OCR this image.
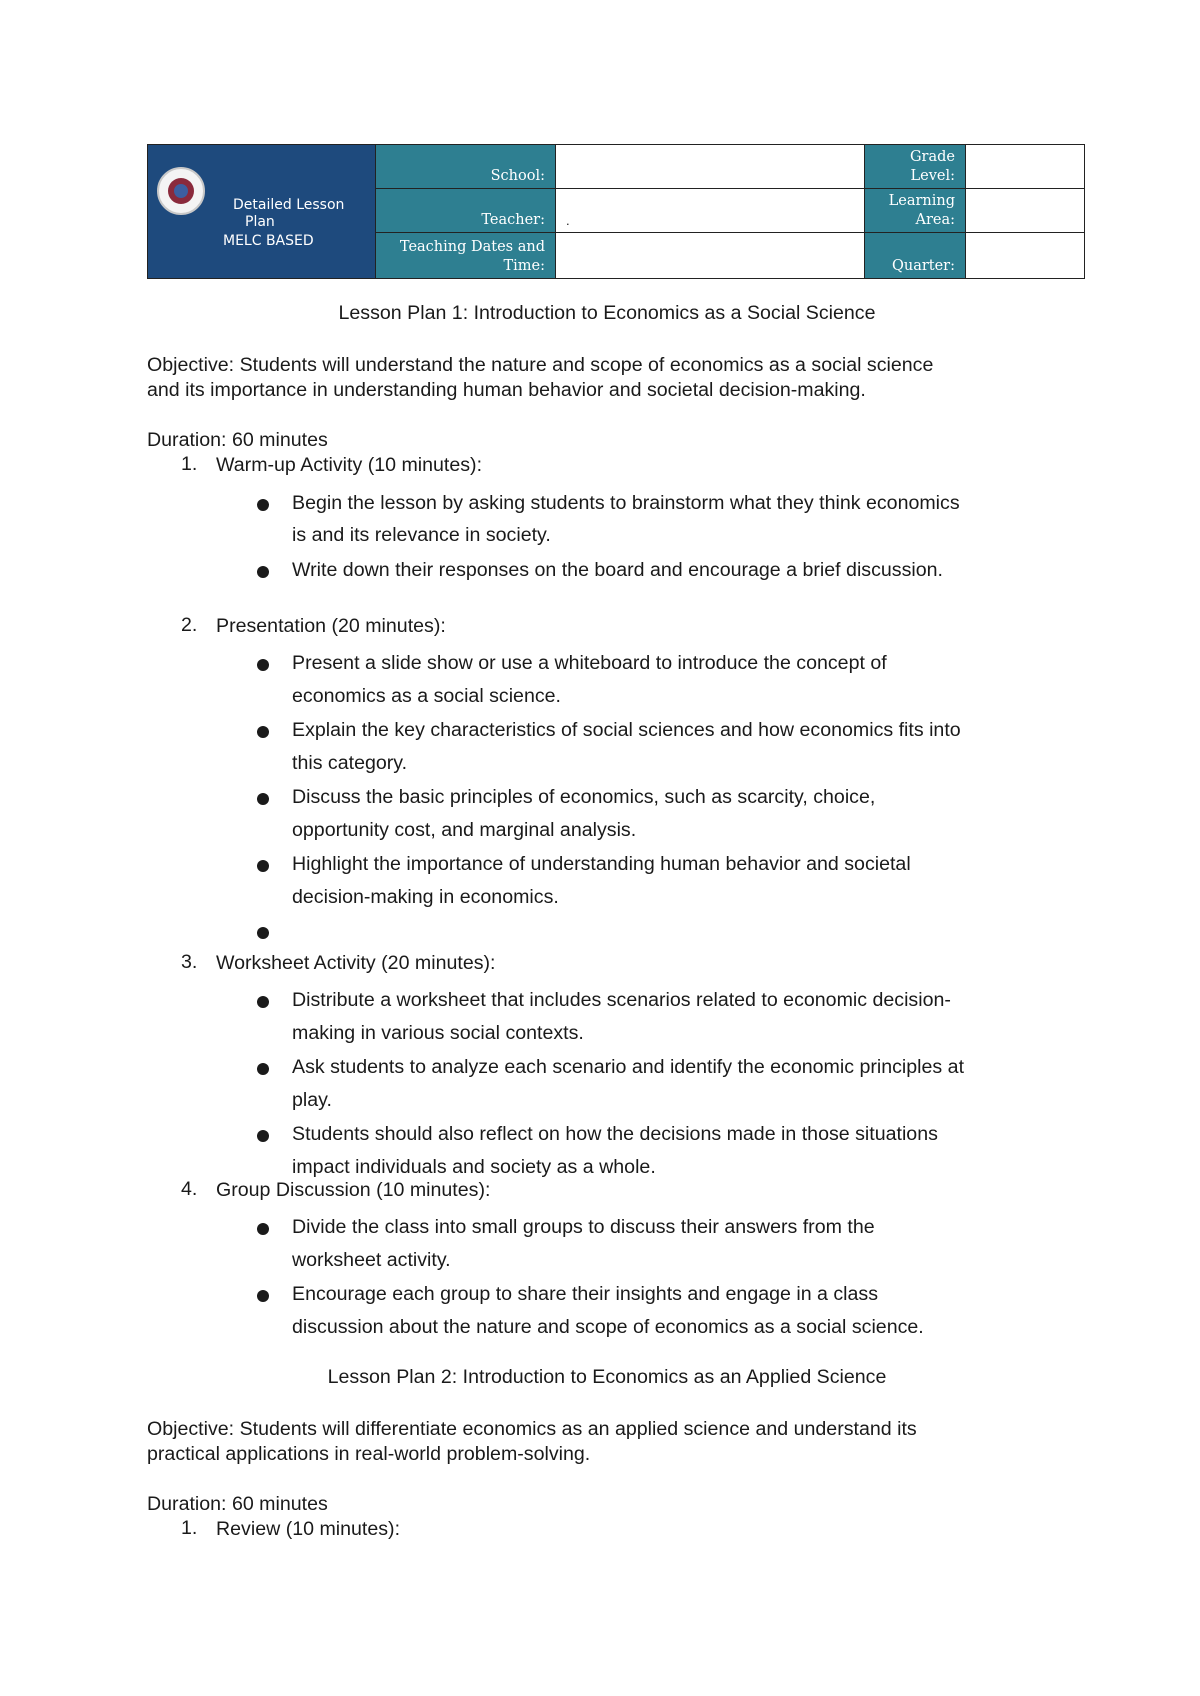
Detailed Lesson
Plan
MELC BASED
School:
Grade
Level:
Teacher: .
Learning
Area:
Teaching Dates and
Time:	Quarter:
Lesson Plan 1: Introduction to Economics as a Social Science
Objective: Students will understand the nature and scope of economics as a social science
and its importance in understanding human behavior and societal decision-making.
Duration: 60 minutes
1. Warm-up Activity (10 minutes):
Begin the lesson by asking students to brainstorm what they think economics
is and its relevance in society.
Write down their responses on the board and encourage a brief discussion.
2. Presentation (20 minutes):
Present a slide show or use a whiteboard to introduce the concept of
economics as a social science.
Explain the key characteristics of social sciences and how economics fits into
this category.
Discuss the basic principles of economics, such as scarcity, choice,
opportunity cost, and marginal analysis.
Highlight the importance of understanding human behavior and societal
decision-making in economics.
3. Worksheet Activity (20 minutes):
Distribute a worksheet that includes scenarios related to economic decision-
making in various social contexts.
Ask students to analyze each scenario and identify the economic principles at
play.
Students should also reflect on how the decisions made in those situations
impact individuals and society as a whole.
4. Group Discussion (10 minutes):
Divide the class into small groups to discuss their answers from the
worksheet activity.
Encourage each group to share their insights and engage in a class
discussion about the nature and scope of economics as a social science.
Lesson Plan 2: Introduction to Economics as an Applied Science
Objective: Students will differentiate economics as an applied science and understand its
practical applications in real-world problem-solving.
Duration: 60 minutes
1. Review (10 minutes):
